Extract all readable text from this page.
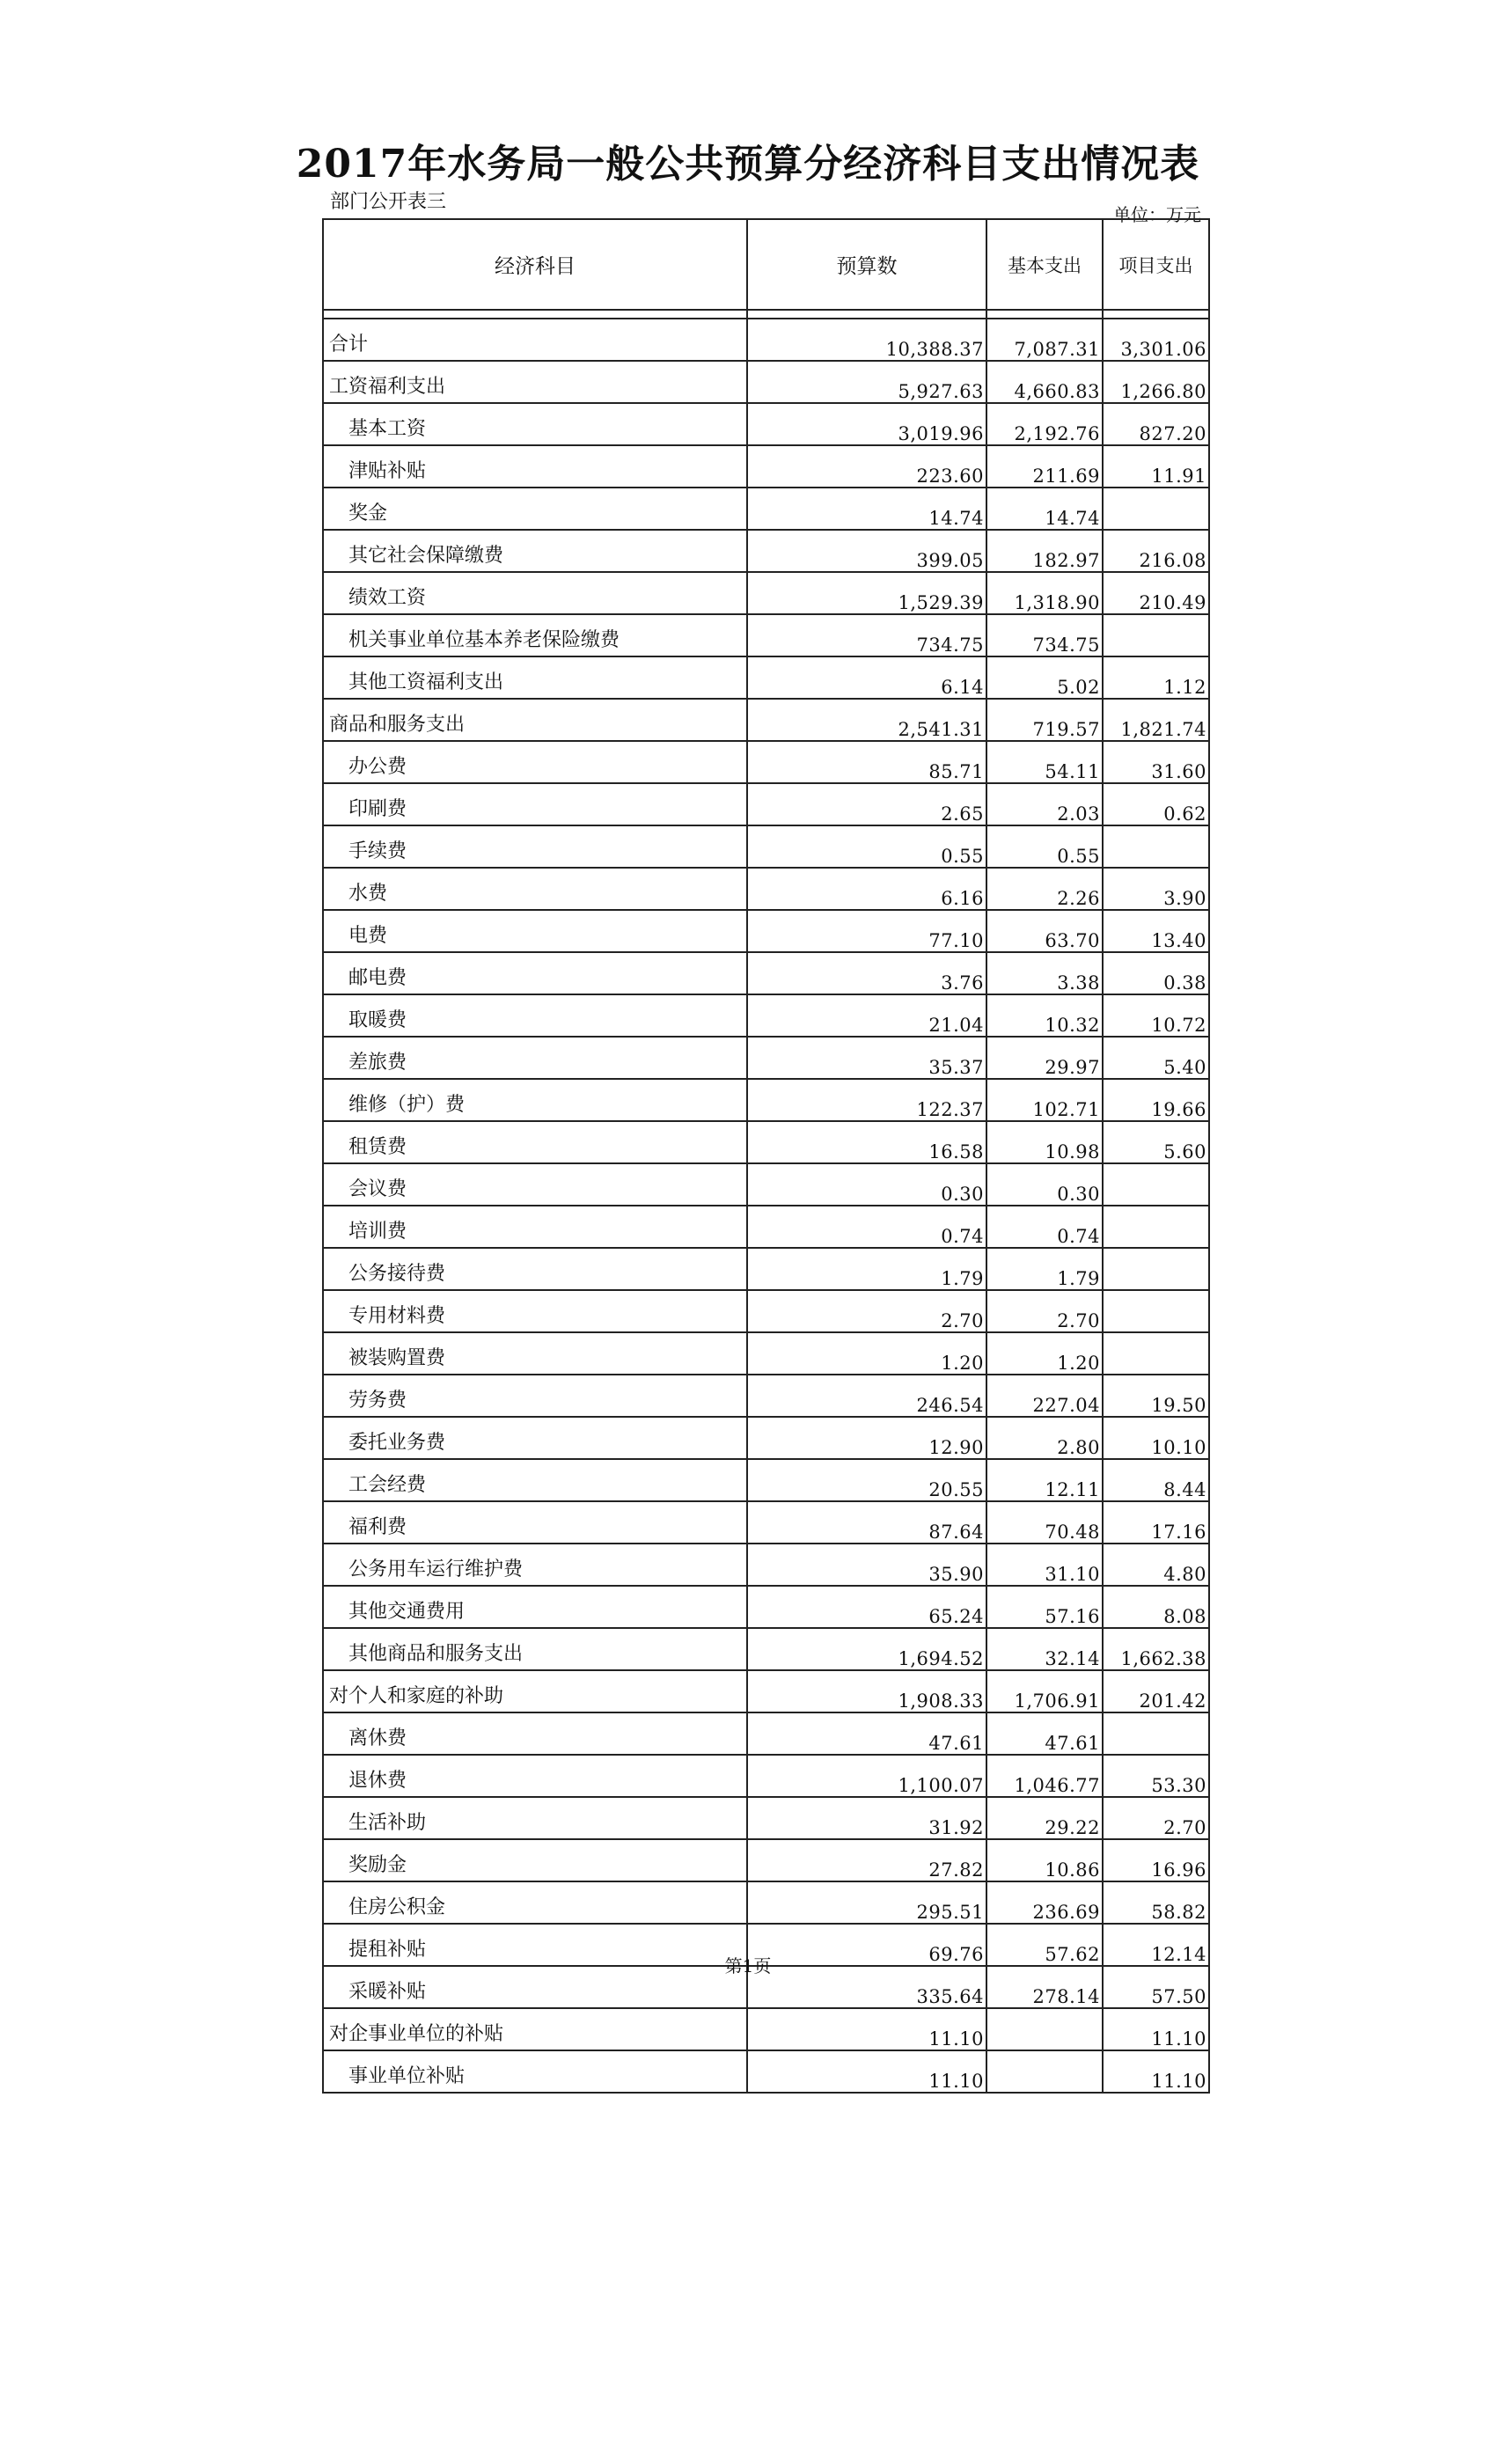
2017年水务局一般公共预算分经济科目支出情况表
部门公开表三
单位：万元
经济科目	预算数	基本支出	项目支出

合计	10,388.37	7,087.31	3,301.06
工资福利支出	5,927.63	4,660.83	1,266.80
基本工资	3,019.96	2,192.76	827.20
津贴补贴	223.60	211.69	11.91
奖金	14.74	14.74	
其它社会保障缴费	399.05	182.97	216.08
绩效工资	1,529.39	1,318.90	210.49
机关事业单位基本养老保险缴费	734.75	734.75	
其他工资福利支出	6.14	5.02	1.12
商品和服务支出	2,541.31	719.57	1,821.74
办公费	85.71	54.11	31.60
印刷费	2.65	2.03	0.62
手续费	0.55	0.55	
水费	6.16	2.26	3.90
电费	77.10	63.70	13.40
邮电费	3.76	3.38	0.38
取暖费	21.04	10.32	10.72
差旅费	35.37	29.97	5.40
维修（护）费	122.37	102.71	19.66
租赁费	16.58	10.98	5.60
会议费	0.30	0.30	
培训费	0.74	0.74	
公务接待费	1.79	1.79	
专用材料费	2.70	2.70	
被装购置费	1.20	1.20	
劳务费	246.54	227.04	19.50
委托业务费	12.90	2.80	10.10
工会经费	20.55	12.11	8.44
福利费	87.64	70.48	17.16
公务用车运行维护费	35.90	31.10	4.80
其他交通费用	65.24	57.16	8.08
其他商品和服务支出	1,694.52	32.14	1,662.38
对个人和家庭的补助	1,908.33	1,706.91	201.42
离休费	47.61	47.61	
退休费	1,100.07	1,046.77	53.30
生活补助	31.92	29.22	2.70
奖励金	27.82	10.86	16.96
住房公积金	295.51	236.69	58.82
提租补贴	69.76	57.62	12.14
采暖补贴	335.64	278.14	57.50
对企事业单位的补贴	11.10		11.10
事业单位补贴	11.10		11.10
第1页
